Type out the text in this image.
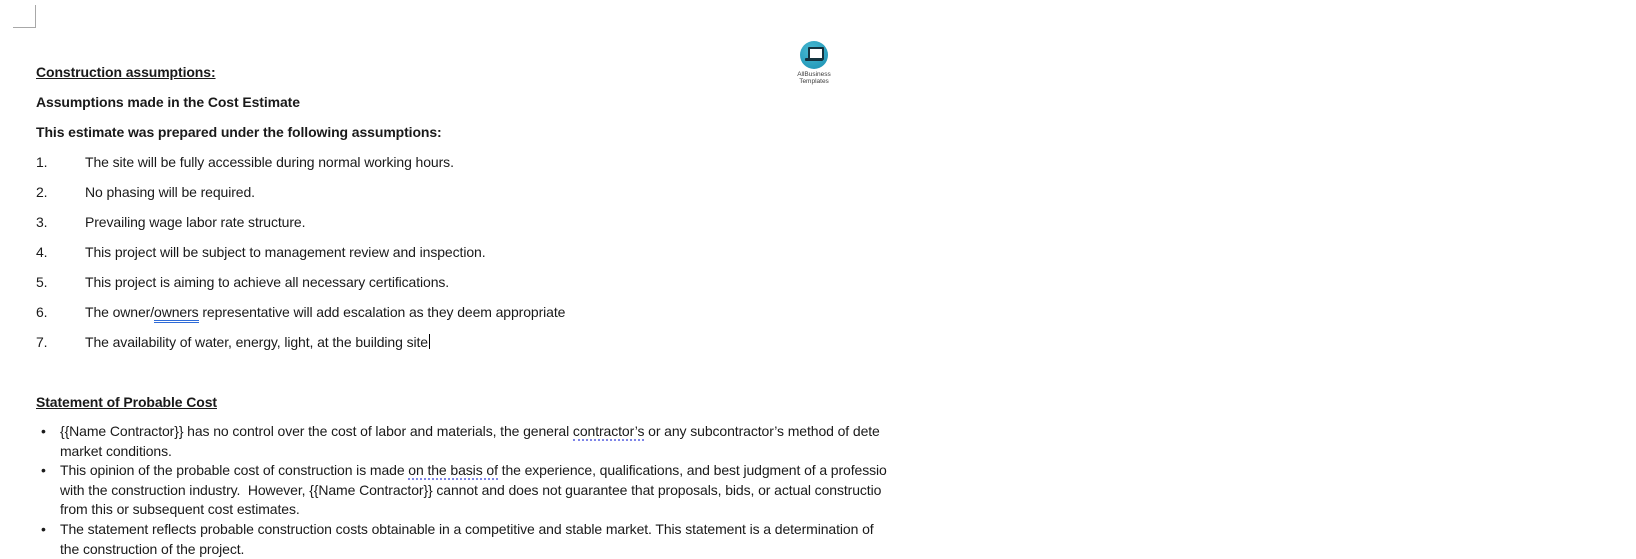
AllBusiness
Templates

Construction assumptions:

Assumptions made in the Cost Estimate

This estimate was prepared under the following assumptions:

1.	The site will be fully accessible during normal working hours.
2.	No phasing will be required.
3.	Prevailing wage labor rate structure.
4.	This project will be subject to management review and inspection.
5.	This project is aiming to achieve all necessary certifications.
6.	The owner/owners representative will add escalation as they deem appropriate
7.	The availability of water, energy, light, at the building site

Statement of Probable Cost

•	{{Name Contractor}} has no control over the cost of labor and materials, the general contractor’s or any subcontractor’s method of dete
market conditions.
•	This opinion of the probable cost of construction is made on the basis of the experience, qualifications, and best judgment of a professio
with the construction industry.  However, {{Name Contractor}} cannot and does not guarantee that proposals, bids, or actual constructio
from this or subsequent cost estimates.
•	The statement reflects probable construction costs obtainable in a competitive and stable market. This statement is a determination of
the construction of the project.
